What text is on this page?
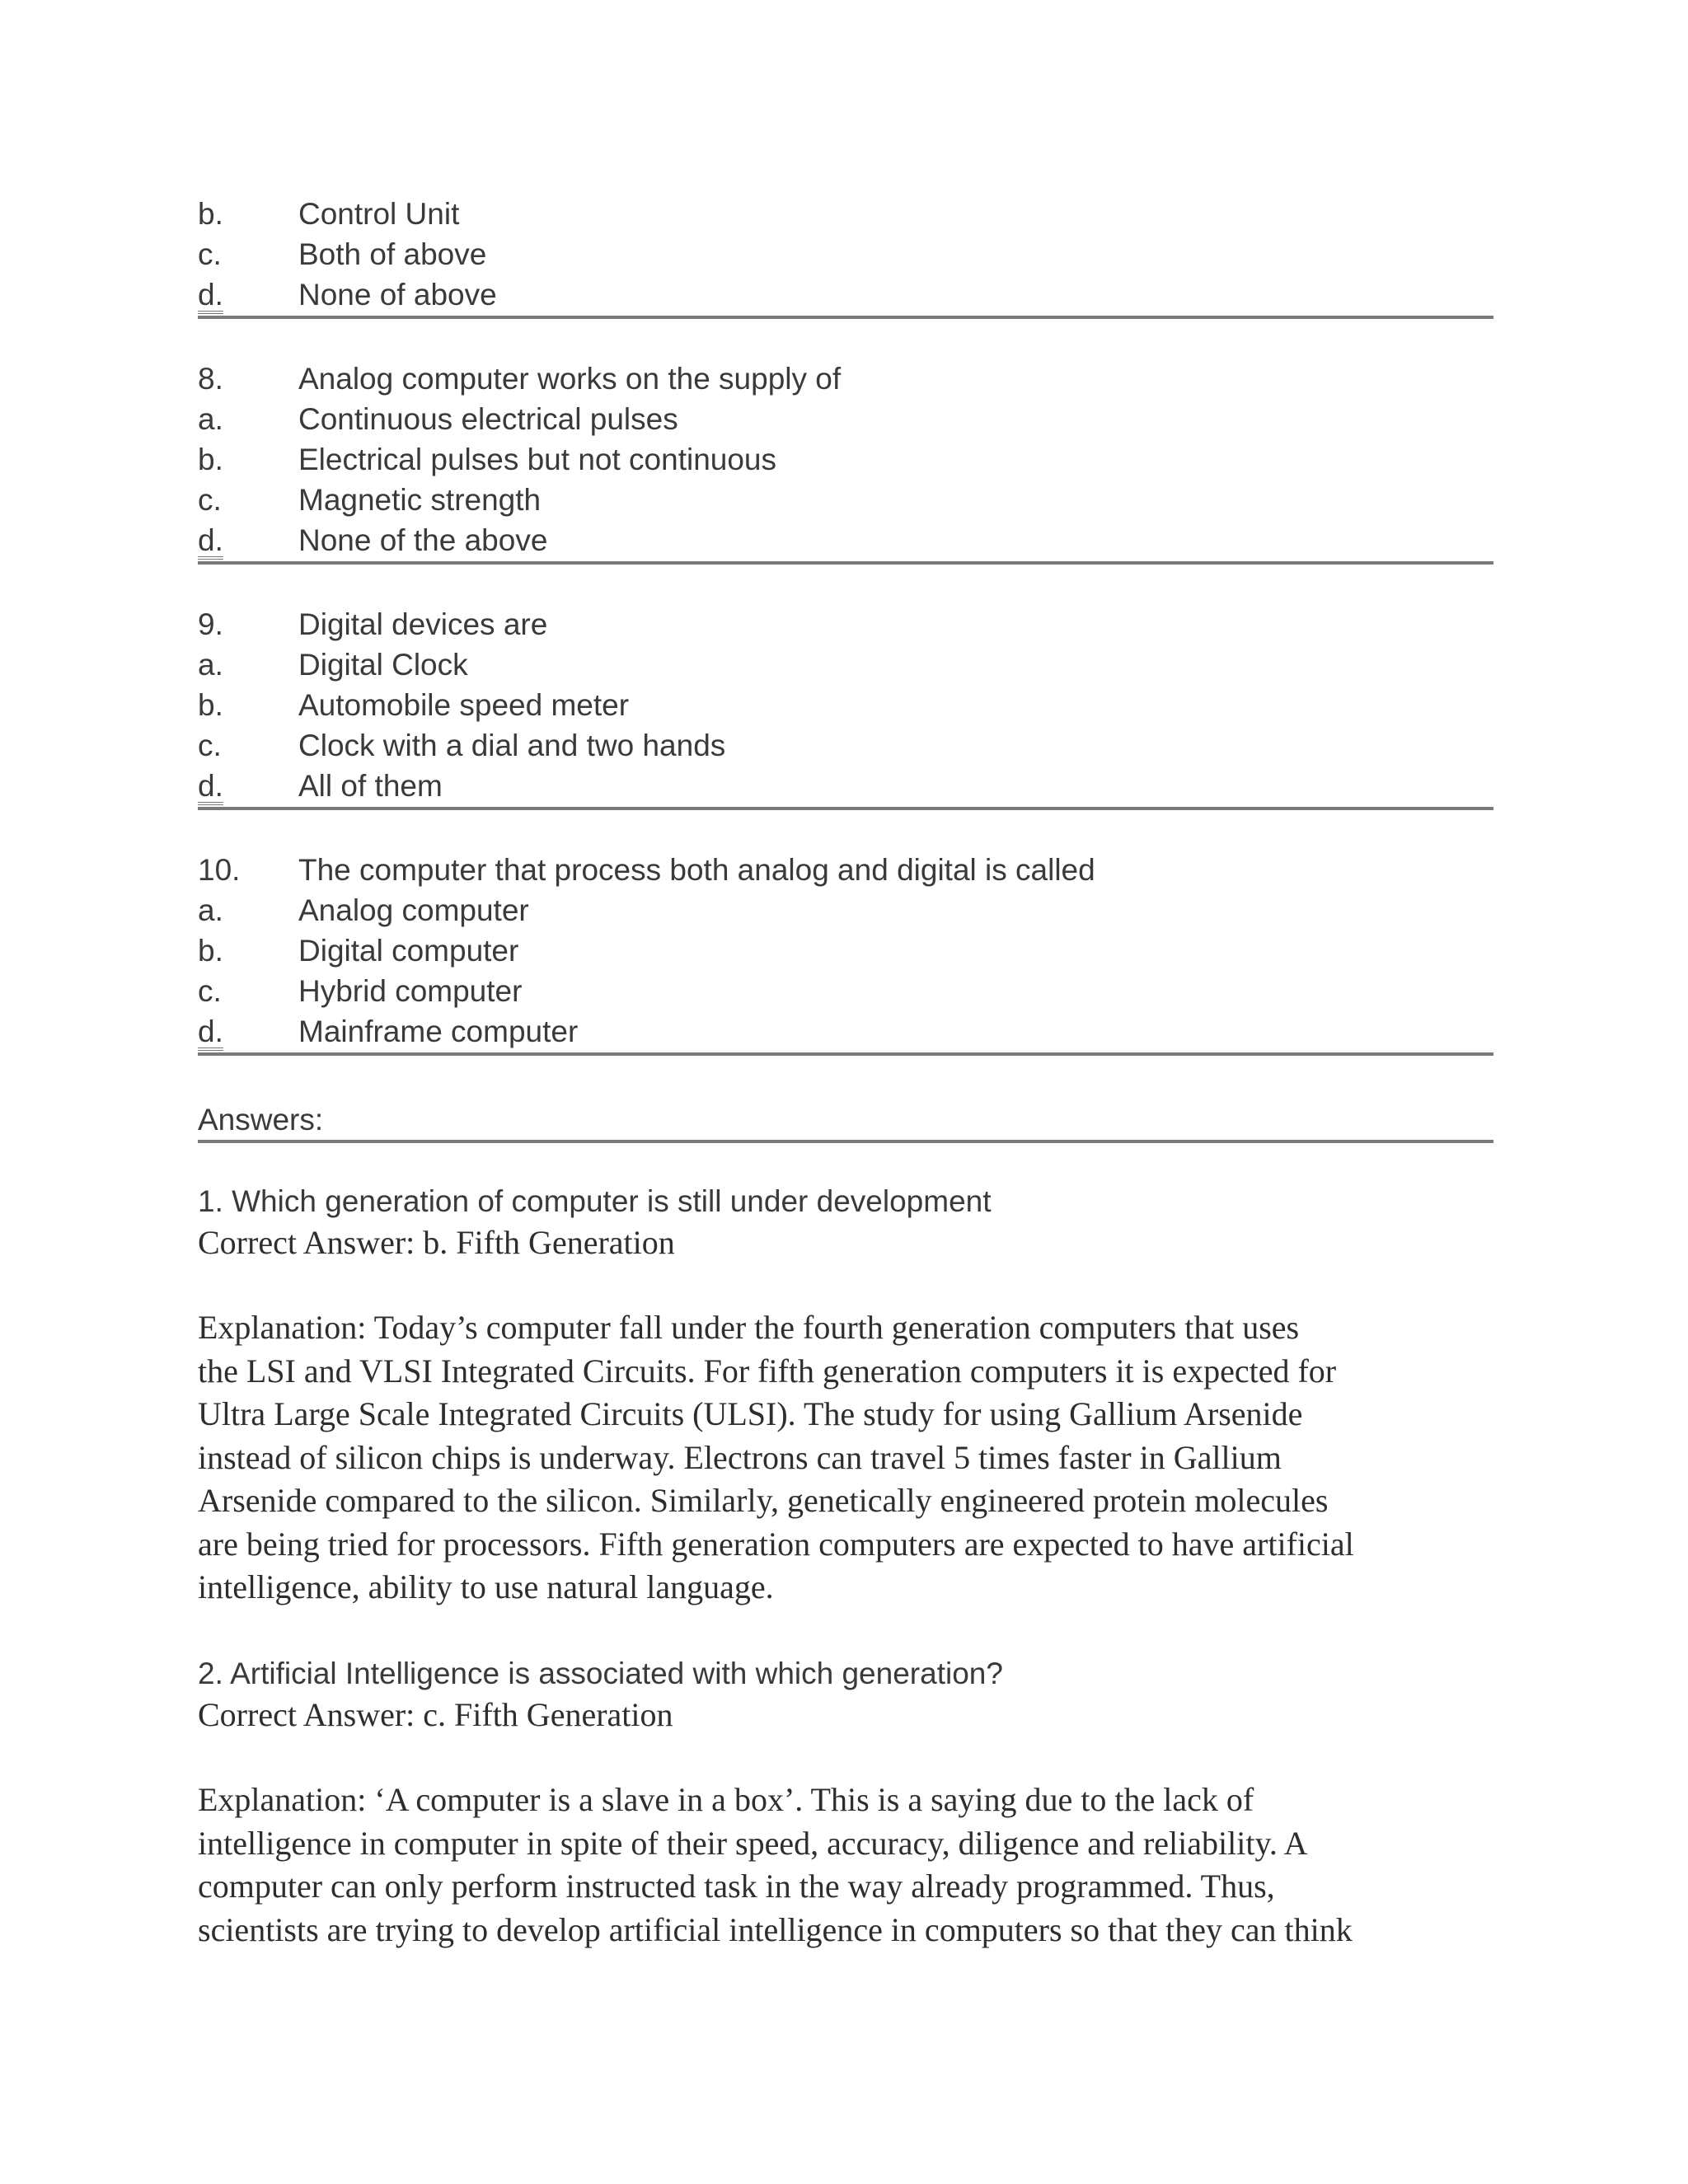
b.	Control Unit
c.	Both of above
d.	None of above
8.	Analog computer works on the supply of
a.	Continuous electrical pulses
b.	Electrical pulses but not continuous
c.	Magnetic strength
d.	None of the above
9.	Digital devices are
a.	Digital Clock
b.	Automobile speed meter
c.	Clock with a dial and two hands
d.	All of them
10.	The computer that process both analog and digital is called
a.	Analog computer
b.	Digital computer
c.	Hybrid computer
d.	Mainframe computer
Answers:
1. Which generation of computer is still under development
Correct Answer: b. Fifth Generation
Explanation: Today’s computer fall under the fourth generation computers that uses
the LSI and VLSI Integrated Circuits. For fifth generation computers it is expected for
Ultra Large Scale Integrated Circuits (ULSI). The study for using Gallium Arsenide
instead of silicon chips is underway. Electrons can travel 5 times faster in Gallium
Arsenide compared to the silicon. Similarly, genetically engineered protein molecules
are being tried for processors. Fifth generation computers are expected to have artificial
intelligence, ability to use natural language.
2. Artificial Intelligence is associated with which generation?
Correct Answer: c. Fifth Generation
Explanation: ‘A computer is a slave in a box’. This is a saying due to the lack of
intelligence in computer in spite of their speed, accuracy, diligence and reliability. A
computer can only perform instructed task in the way already programmed. Thus,
scientists are trying to develop artificial intelligence in computers so that they can think
